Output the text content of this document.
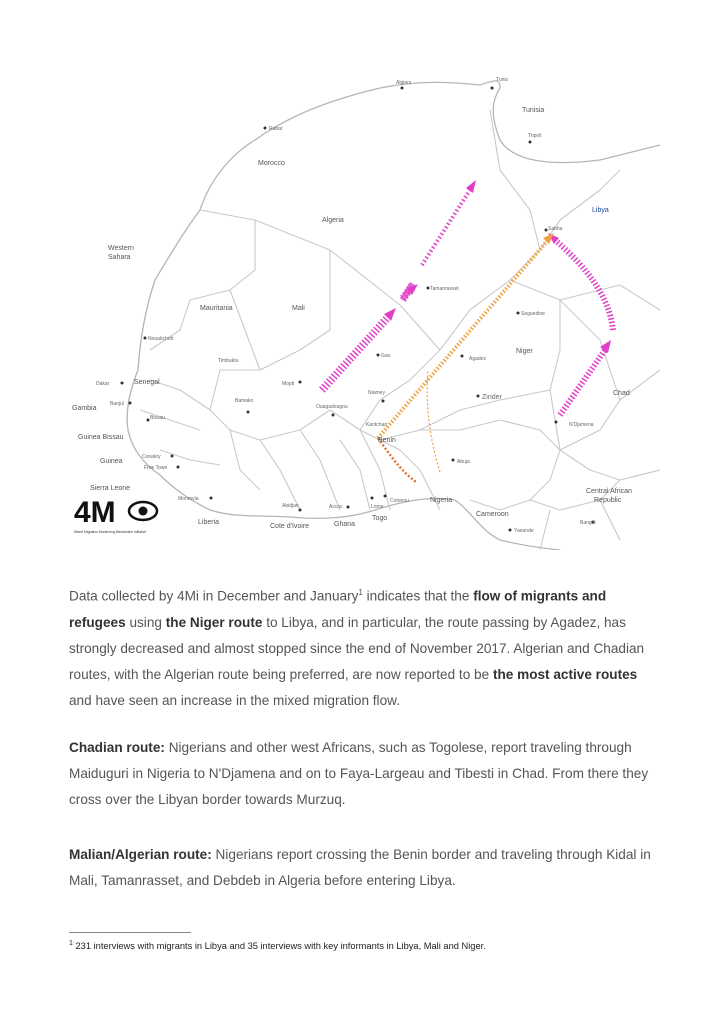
Western Sahara
Morocco
Algeria
Tunisia
Libya
Mauritania	Mali
Niger
Chad
Senegal
Gambia
Guinea Bissau
Guinea
Sierra Leone
Liberia
Cote d'Ivoire	Ghana
Togo
Benin
Nigeria
Cameroon
Central African Republic
Algiers	Tunis
Rabat
Tripoli
Sabha
Tamanrasset
Seguedine
Nouakchott
Timbuktu
Gao	Agadez
Mopti
Dakar
Banjul
Bissau
Bamako
Niamey
Ouagadougou
Zinder
N'Djamena
Kantchari
Conakry
Free Town
Abuja
Monrovia
Abidjan	Accra	Lome
Cotonou
Yaounde
Bangui
4M
Mixed Migration Monitoring Mechanism Initiative
Data collected by 4Mi in December and January$^1$ indicates that the flow of migrants and refugees using the Niger route to Libya, and in particular, the route passing by Agadez, has strongly decreased and almost stopped since the end of November 2017. Algerian and Chadian routes, with the Algerian route being preferred, are now reported to be the most active routes and have seen an increase in the mixed migration flow.
Chadian route: Nigerians and other west Africans, such as Togolese, report traveling through Maiduguri in Nigeria to N'Djamena and on to Faya-Largeau and Tibesti in Chad. From there they cross over the Libyan border towards Murzuq.
Malian/Algerian route: Nigerians report crossing the Benin border and traveling through Kidal in Mali, Tamanrasset, and Debdeb in Algeria before entering Libya.
$^1$ 231 interviews with migrants in Libya and 35 interviews with key informants in Libya, Mali and Niger.
